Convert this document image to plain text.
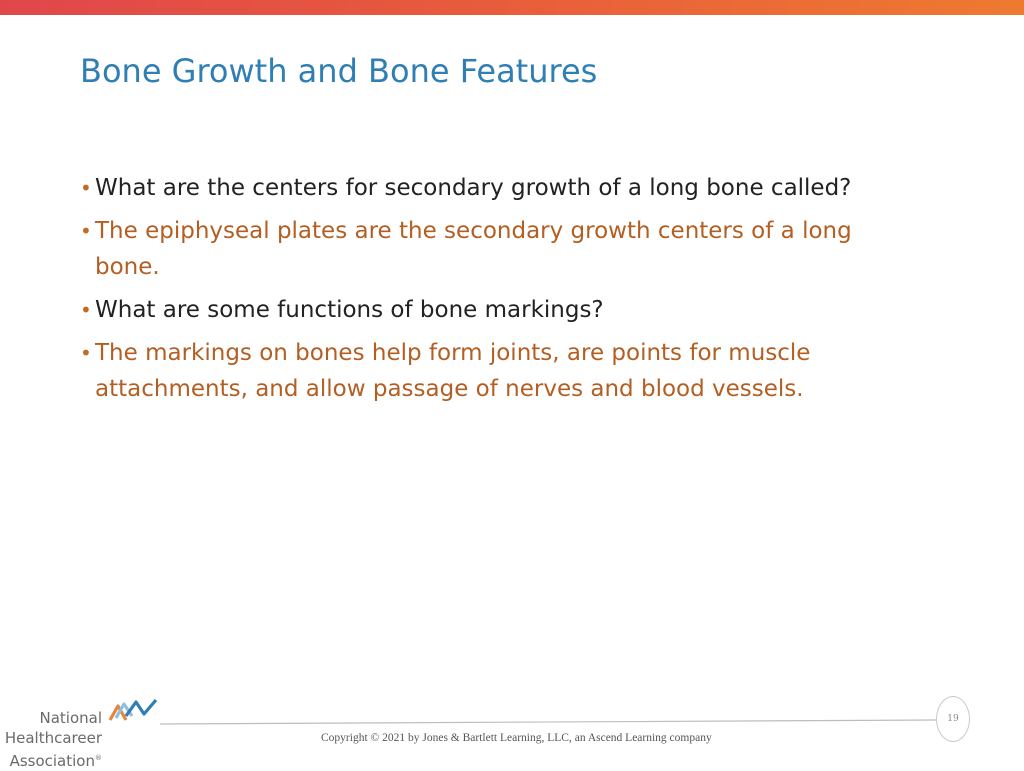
Bone Growth and Bone Features
• What are the centers for secondary growth of a long bone called?
• The epiphyseal plates are the secondary growth centers of a long bone.
• What are some functions of bone markings?
• The markings on bones help form joints, are points for muscle attachments, and allow passage of nerves and blood vessels.
National
Healthcareer
Association®
19
Copyright © 2021 by Jones & Bartlett Learning, LLC, an Ascend Learning company
